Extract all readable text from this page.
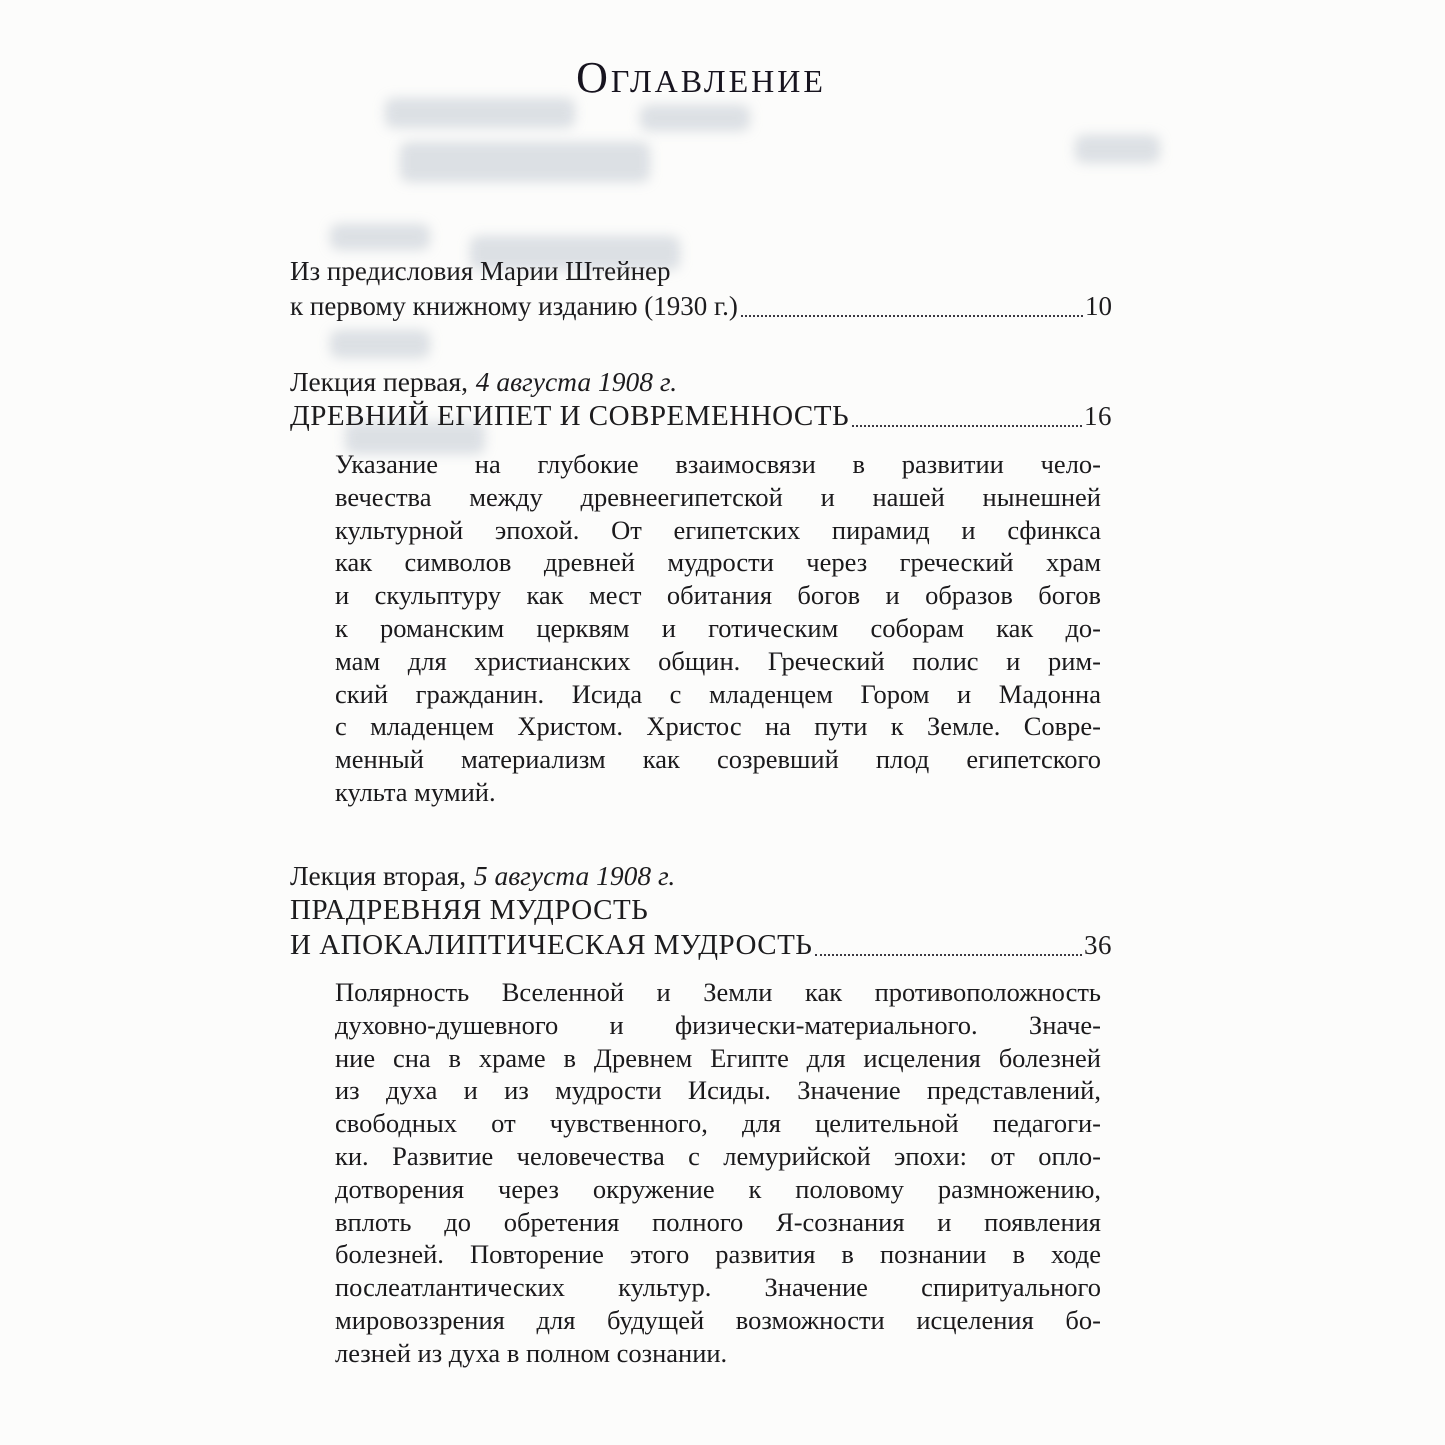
ОГЛАВЛЕНИЕ
Из предисловия Марии Штейнер
к первому книжному изданию (1930 г.)	10
Лекция первая, 4 августа 1908 г.
ДРЕВНИЙ ЕГИПЕТ И СОВРЕМЕННОСТЬ	16
Указание на глубокие взаимосвязи в развитии чело-
вечества между древнеегипетской и нашей нынешней
культурной эпохой. От египетских пирамид и сфинкса
как символов древней мудрости через греческий храм
и скульптуру как мест обитания богов и образов богов
к романским церквям и готическим соборам как до-
мам для христианских общин. Греческий полис и рим-
ский гражданин. Исида с младенцем Гором и Мадонна
с младенцем Христом. Христос на пути к Земле. Совре-
менный материализм как созревший плод египетского
культа мумий.
Лекция вторая, 5 августа 1908 г.
ПРАДРЕВНЯЯ МУДРОСТЬ
И АПОКАЛИПТИЧЕСКАЯ МУДРОСТЬ	36
Полярность Вселенной и Земли как противоположность
духовно-душевного и физически-материального. Значе-
ние сна в храме в Древнем Египте для исцеления болезней
из духа и из мудрости Исиды. Значение представлений,
свободных от чувственного, для целительной педагоги-
ки. Развитие человечества с лемурийской эпохи: от опло-
дотворения через окружение к половому размножению,
вплоть до обретения полного Я-сознания и появления
болезней. Повторение этого развития в познании в ходе
послеатлантических культур. Значение спиритуального
мировоззрения для будущей возможности исцеления бо-
лезней из духа в полном сознании.
